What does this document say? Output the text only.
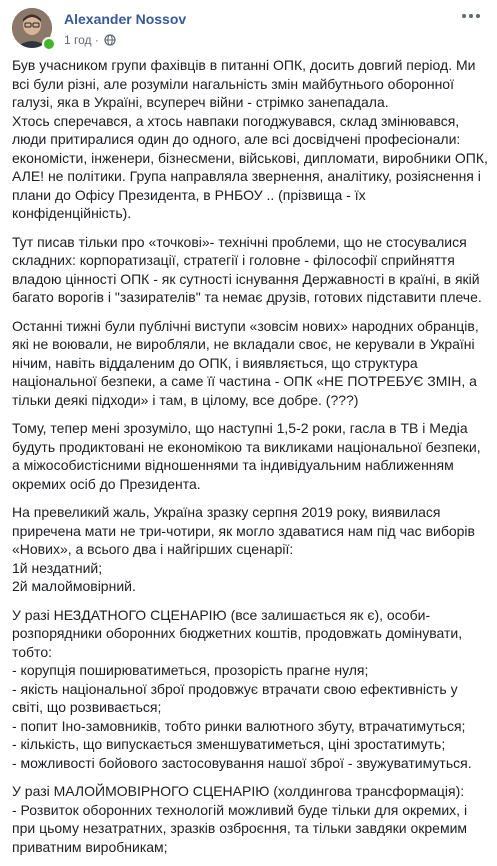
Alexander Nossov
1 год ·

Був учасником групи фахівців в питанні ОПК, досить довгий період. Ми всі були різні, але розуміли нагальність змін майбутнього оборонної галузі, яка в Україні, всупереч війни - стрімко занепадала.
Хтось сперечався, а хтось навпаки погоджувався, склад змінювався, люди притиралися один до одного, але всі досвідчені професіонали: економісти, інженери, бізнесмени, військові, дипломати, виробники ОПК, АЛЕ! не політики. Група направляла звернення, аналітику, розіяснення і плани до Офісу Президента, в РНБОУ .. (прізвища - їх конфіденційність).

Тут писав тільки про «точкові»- технічні проблеми, що не стосувалися складних: корпоратизації, стратегії і головне - філософії сприйняття владою цінності ОПК - як сутності існування Державності в країні, в якій багато ворогів і "зазирателів" та немає друзів, готових підставити плече.

Останні тижні були публічні виступи «зовсім нових» народних обранців, які не воювали, не виробляли, не вкладали своє, не керували в Україні нічим, навіть віддаленим до ОПК, і виявляється, що структура національної безпеки, а саме її частина - ОПК «НЕ ПОТРЕБУЄ ЗМІН, а тільки деякі підходи» і там, в цілому, все добре. (???)

Тому, тепер мені зрозуміло, що наступні 1,5-2 роки, гасла в ТВ і Медіа будуть продиктовані не економікою та викликами національної безпеки, а міжособистісними відношеннями та індивідуальним наближенням окремих осіб до Президента.

На превеликий жаль, Україна зразку серпня 2019 року, виявилася приречена мати не три-чотири, як могло здаватися нам під час виборів «Нових», а всього два і найгірших сценарії:
1й нездатний;
2й малоймовірний.

У разі НЕЗДАТНОГО СЦЕНАРІЮ (все залишається як є), особи-розпорядники оборонних бюджетних коштів, продовжать домінувати, тобто:
- корупція поширюватиметься, прозорість прагне нуля;
- якість національної зброї продовжує втрачати свою ефективність у світі, що розвивається;
- попит Іно-замовників, тобто ринки валютного збуту, втрачатимуться;
- кількість, що випускається зменшуватиметься, ціні зростатимуть;
- можливості бойового застосовування нашої зброї - звужуватимуться.

У разі МАЛОЙМОВІРНОГО СЦЕНАРІЮ (холдингова трансформація):
- Розвиток оборонних технологій можливий буде тільки для окремих, і при цьому незатратних, зразків озброєння, та тільки завдяки окремим приватним виробникам;
